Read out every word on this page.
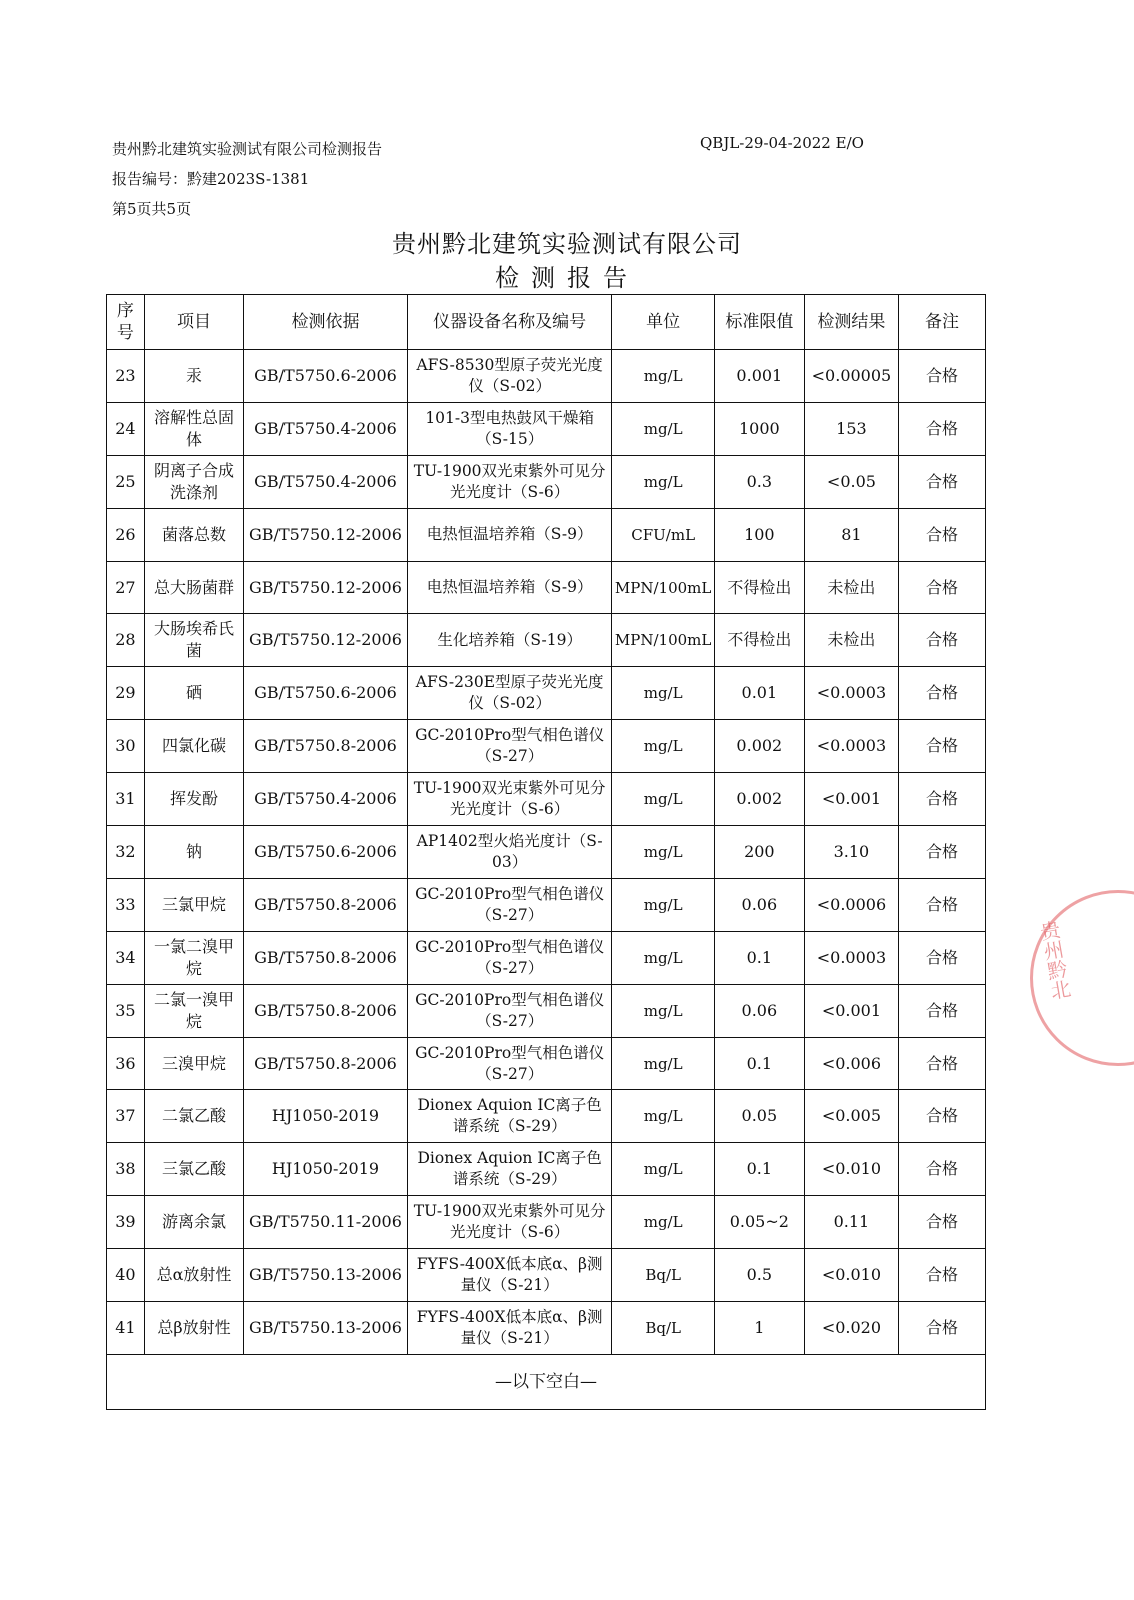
贵州黔北建筑实验测试有限公司检测报告	QBJL-29-04-2022 E/O
报告编号：黔建2023S-1381
第5页共5页
贵州黔北建筑实验测试有限公司
检测报告
序号	项目	检测依据	仪器设备名称及编号	单位	标准限值	检测结果	备注
23	汞	GB/T5750.6-2006	AFS-8530型原子荧光光度仪（S-02）	mg/L	0.001	<0.00005	合格
24	溶解性总固体	GB/T5750.4-2006	101-3型电热鼓风干燥箱（S-15）	mg/L	1000	153	合格
25	阴离子合成洗涤剂	GB/T5750.4-2006	TU-1900双光束紫外可见分光光度计（S-6）	mg/L	0.3	<0.05	合格
26	菌落总数	GB/T5750.12-2006	电热恒温培养箱（S-9）	CFU/mL	100	81	合格
27	总大肠菌群	GB/T5750.12-2006	电热恒温培养箱（S-9）	MPN/100mL	不得检出	未检出	合格
28	大肠埃希氏菌	GB/T5750.12-2006	生化培养箱（S-19）	MPN/100mL	不得检出	未检出	合格
29	硒	GB/T5750.6-2006	AFS-230E型原子荧光光度仪（S-02）	mg/L	0.01	<0.0003	合格
30	四氯化碳	GB/T5750.8-2006	GC-2010Pro型气相色谱仪（S-27）	mg/L	0.002	<0.0003	合格
31	挥发酚	GB/T5750.4-2006	TU-1900双光束紫外可见分光光度计（S-6）	mg/L	0.002	<0.001	合格
32	钠	GB/T5750.6-2006	AP1402型火焰光度计（S-03）	mg/L	200	3.10	合格
33	三氯甲烷	GB/T5750.8-2006	GC-2010Pro型气相色谱仪（S-27）	mg/L	0.06	<0.0006	合格
34	一氯二溴甲烷	GB/T5750.8-2006	GC-2010Pro型气相色谱仪（S-27）	mg/L	0.1	<0.0003	合格
35	二氯一溴甲烷	GB/T5750.8-2006	GC-2010Pro型气相色谱仪（S-27）	mg/L	0.06	<0.001	合格
36	三溴甲烷	GB/T5750.8-2006	GC-2010Pro型气相色谱仪（S-27）	mg/L	0.1	<0.006	合格
37	二氯乙酸	HJ1050-2019	Dionex Aquion IC离子色谱系统（S-29）	mg/L	0.05	<0.005	合格
38	三氯乙酸	HJ1050-2019	Dionex Aquion IC离子色谱系统（S-29）	mg/L	0.1	<0.010	合格
39	游离余氯	GB/T5750.11-2006	TU-1900双光束紫外可见分光光度计（S-6）	mg/L	0.05~2	0.11	合格
40	总α放射性	GB/T5750.13-2006	FYFS-400X低本底α、β测量仪（S-21）	Bq/L	0.5	<0.010	合格
41	总β放射性	GB/T5750.13-2006	FYFS-400X低本底α、β测量仪（S-21）	Bq/L	1	<0.020	合格
—以下空白—							
贵州黔北
